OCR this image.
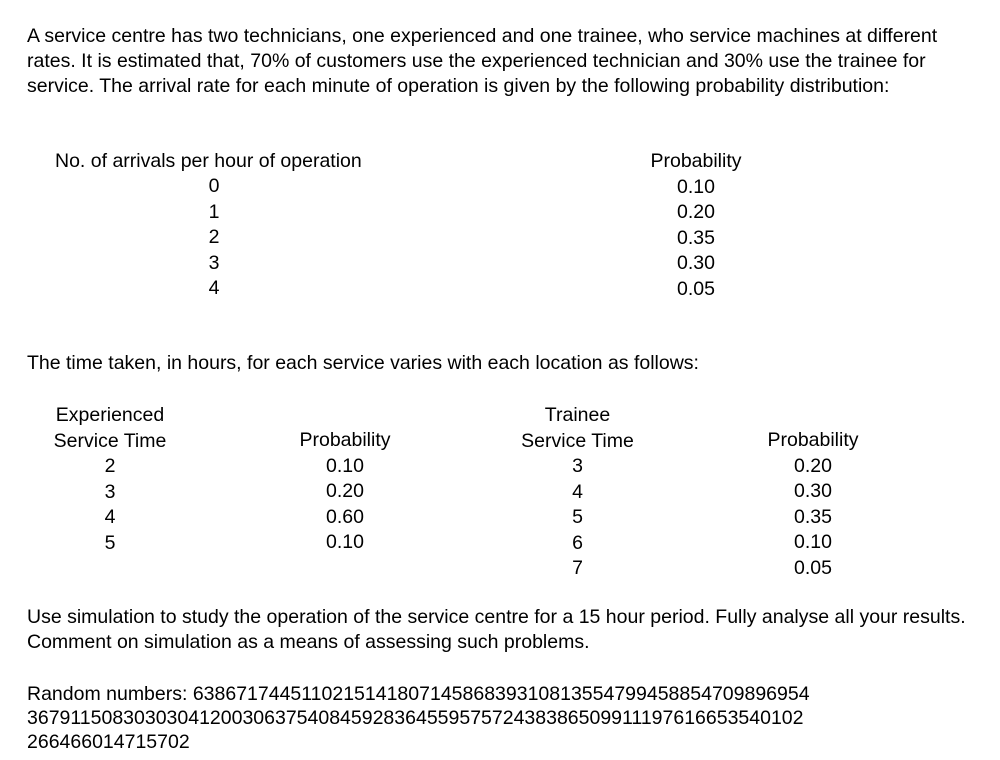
A service centre has two technicians, one experienced and one trainee, who service machines at different rates. It is estimated that, 70% of customers use the experienced technician and 30% use the trainee for service. The arrival rate for each minute of operation is given by the following probability distribution:

No. of arrivals per hour of operation
0
1
2
3
4
Probability
0.10
0.20
0.35
0.30
0.05

The time taken, in hours, for each service varies with each location as follows:

Experienced
Service Time
2
3
4
5
Probability
0.10
0.20
0.60
0.10
Trainee
Service Time
3
4
5
6
7
Probability
0.20
0.30
0.35
0.10
0.05

Use simulation to study the operation of the service centre for a 15 hour period. Fully analyse all your results. Comment on simulation as a means of assessing such problems.

Random numbers: 638671744511021514180714586839310813554799458854709896954
367911508303030412003063754084592836455957572438386509911197616653540102
266466014715702
